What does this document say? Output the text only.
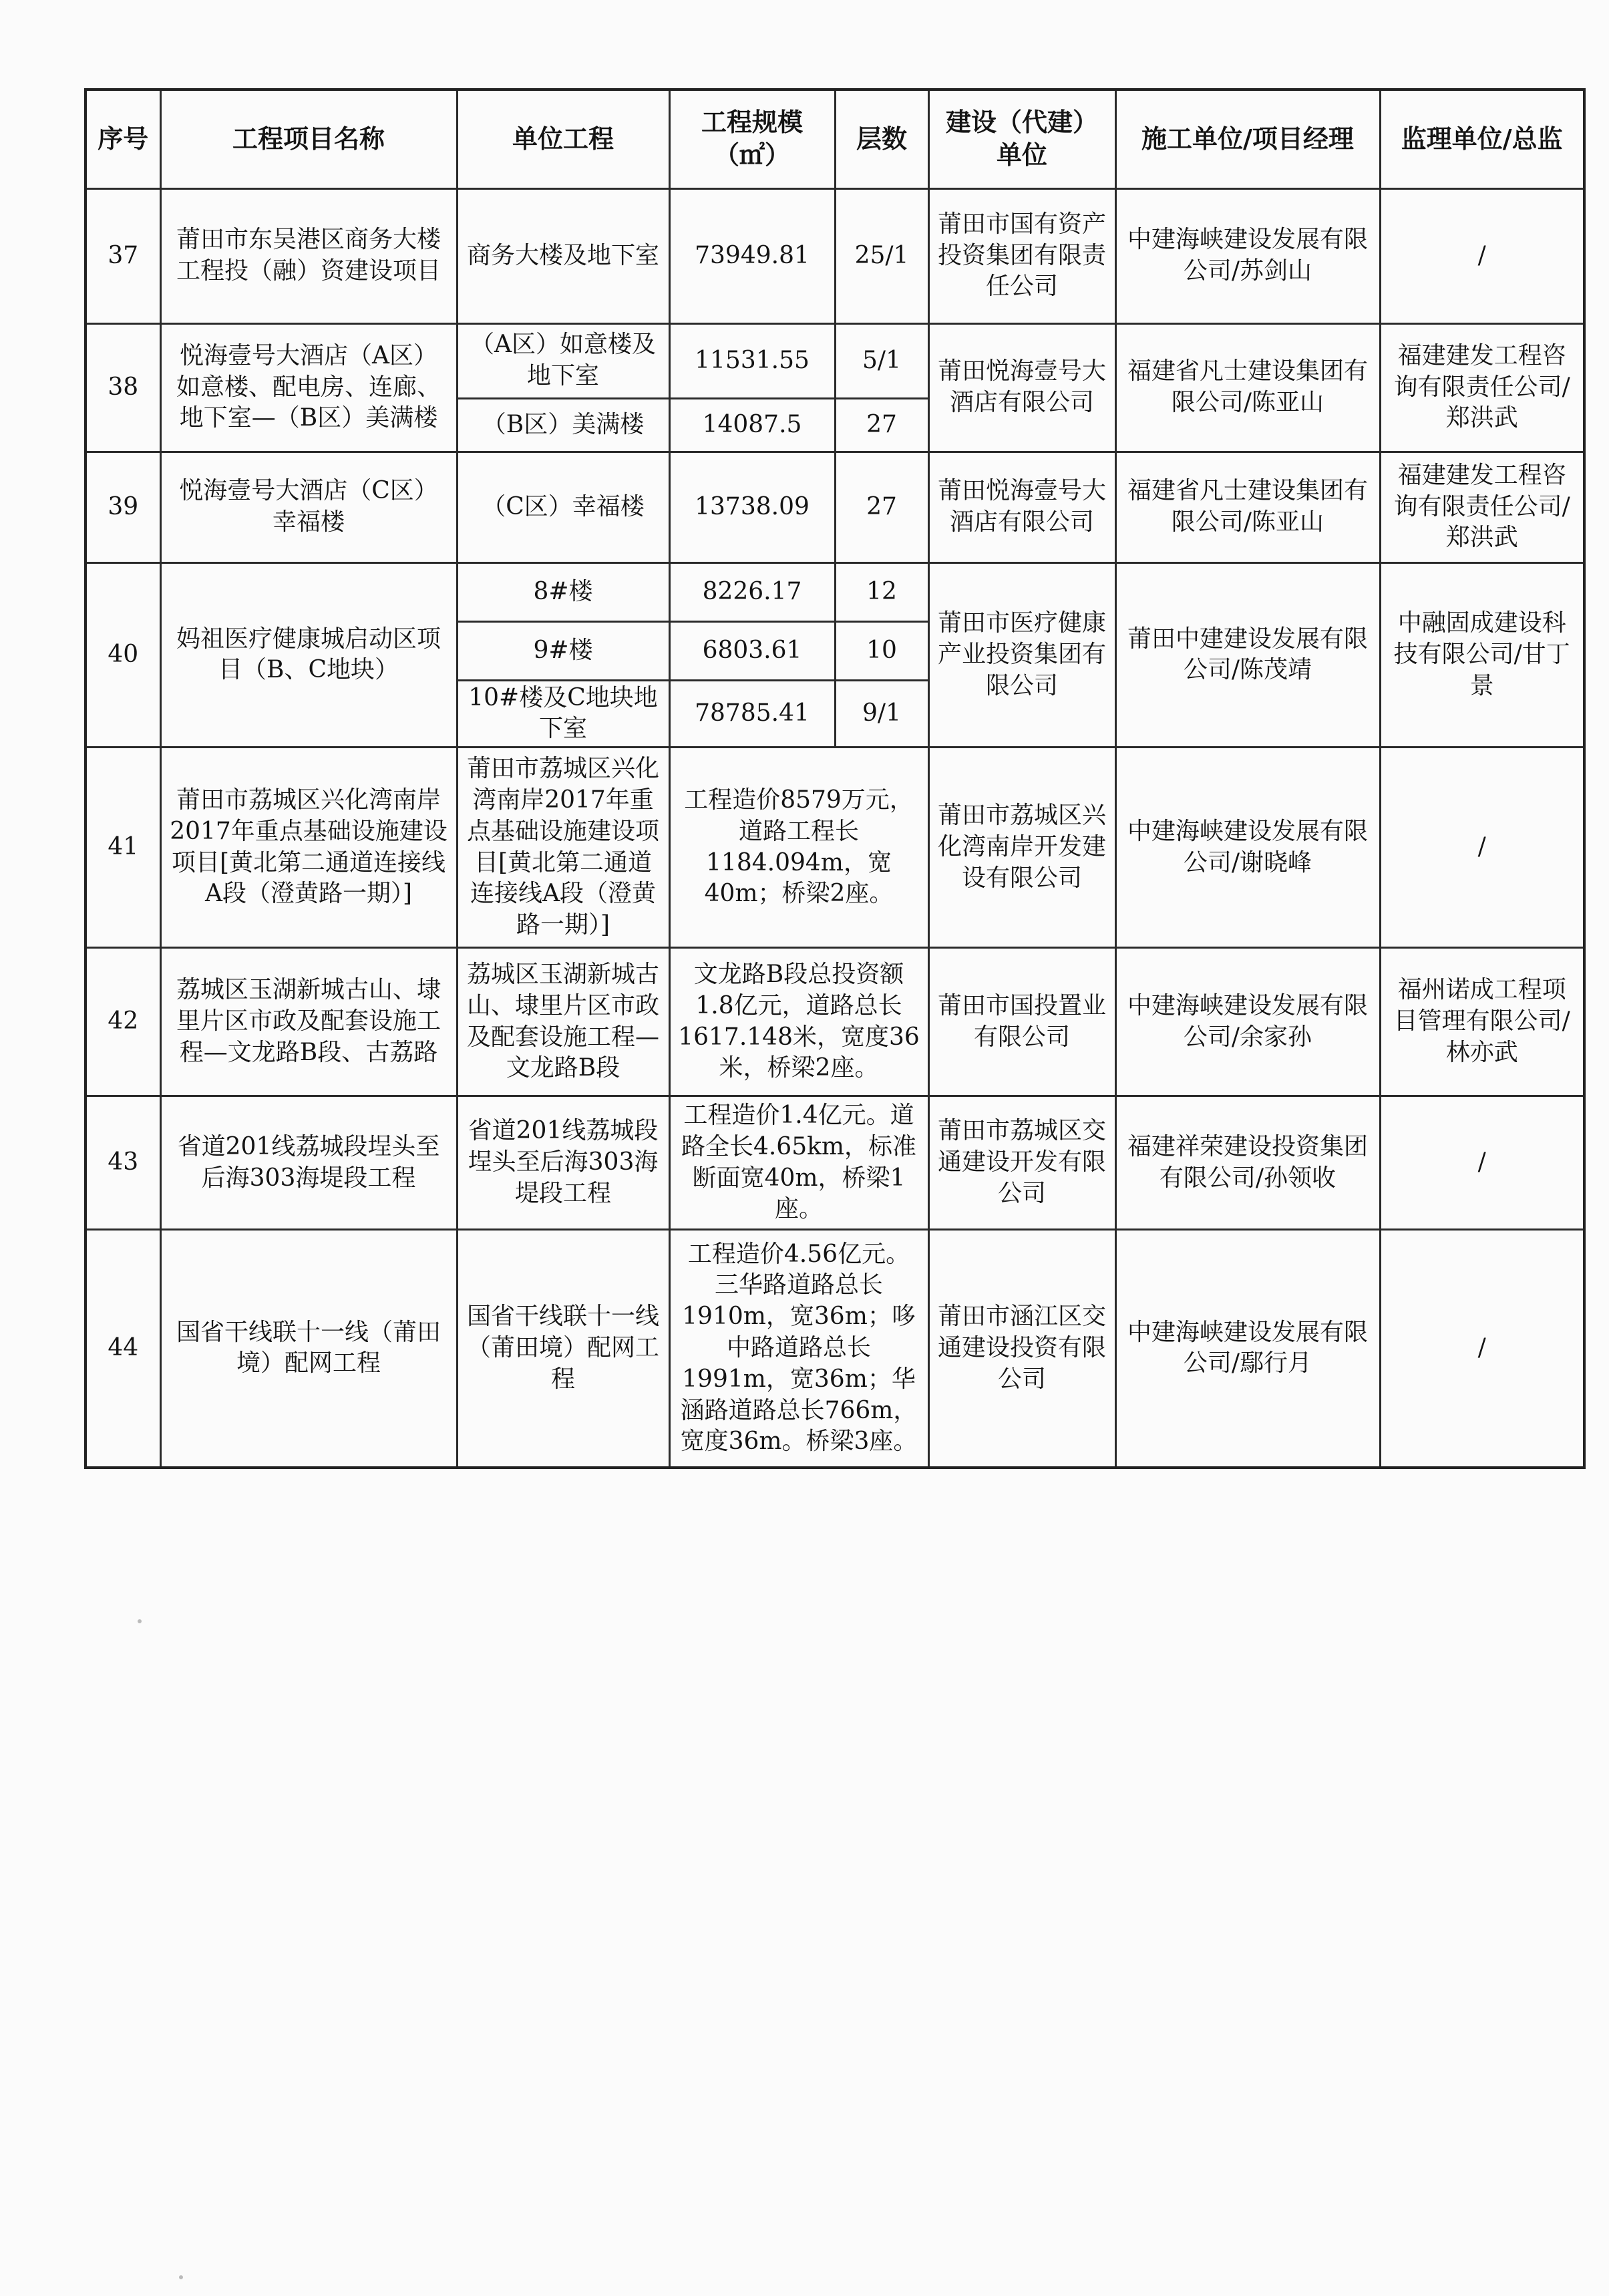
序号	工程项目名称	单位工程	工程规模（㎡）	层数	建设（代建）单位	施工单位/项目经理	监理单位/总监
37	莆田市东吴港区商务大楼工程投（融）资建设项目	商务大楼及地下室	73949.81	25/1	莆田市国有资产投资集团有限责任公司	中建海峡建设发展有限公司/苏剑山	/
38	悦海壹号大酒店（A区）如意楼、配电房、连廊、地下室—（B区）美满楼	（A区）如意楼及地下室	11531.55	5/1	莆田悦海壹号大酒店有限公司	福建省凡士建设集团有限公司/陈亚山	福建建发工程咨询有限责任公司/郑洪武
		（B区）美满楼	14087.5	27			
39	悦海壹号大酒店（C区）幸福楼	（C区）幸福楼	13738.09	27	莆田悦海壹号大酒店有限公司	福建省凡士建设集团有限公司/陈亚山	福建建发工程咨询有限责任公司/郑洪武
40	妈祖医疗健康城启动区项目（B、C地块）	8#楼	8226.17	12	莆田市医疗健康产业投资集团有限公司	莆田中建建设发展有限公司/陈茂靖	中融固成建设科技有限公司/甘丁景
		9#楼	6803.61	10			
		10#楼及C地块地下室	78785.41	9/1			
41	莆田市荔城区兴化湾南岸2017年重点基础设施建设项目[黄北第二通道连接线A段（澄黄路一期）]	莆田市荔城区兴化湾南岸2017年重点基础设施建设项目[黄北第二通道连接线A段（澄黄路一期）]	工程造价8579万元，道路工程长1184.094m，宽40m；桥梁2座。		莆田市荔城区兴化湾南岸开发建设有限公司	中建海峡建设发展有限公司/谢晓峰	/
42	荔城区玉湖新城古山、埭里片区市政及配套设施工程—文龙路B段、古荔路	荔城区玉湖新城古山、埭里片区市政及配套设施工程—文龙路B段	文龙路B段总投资额1.8亿元，道路总长1617.148米，宽度36米，桥梁2座。		莆田市国投置业有限公司	中建海峡建设发展有限公司/余家孙	福州诺成工程项目管理有限公司/林亦武
43	省道201线荔城段埕头至后海303海堤段工程	省道201线荔城段埕头至后海303海堤段工程	工程造价1.4亿元。道路全长4.65km，标准断面宽40m，桥梁1座。		莆田市荔城区交通建设开发有限公司	福建祥荣建设投资集团有限公司/孙领收	/
44	国省干线联十一线（莆田境）配网工程	国省干线联十一线（莆田境）配网工程	工程造价4.56亿元。三华路道路总长1910m，宽36m；哆中路道路总长1991m，宽36m；华涵路道路总长766m，宽度36m。桥梁3座。		莆田市涵江区交通建设投资有限公司	中建海峡建设发展有限公司/鄢行月	/
